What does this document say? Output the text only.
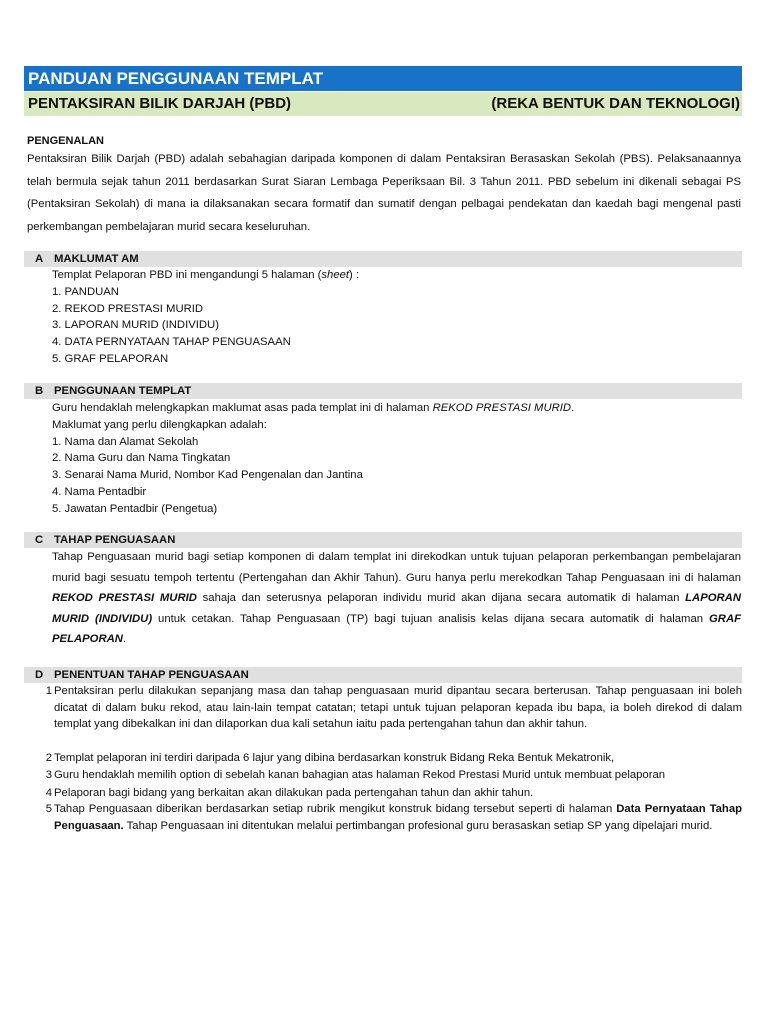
PANDUAN PENGGUNAAN TEMPLAT
PENTAKSIRAN BILIK DARJAH (PBD)	(REKA BENTUK DAN TEKNOLOGI)
PENGENALAN
Pentaksiran Bilik Darjah (PBD) adalah sebahagian daripada komponen di dalam Pentaksiran Berasaskan Sekolah (PBS). Pelaksanaannya telah bermula sejak tahun 2011 berdasarkan Surat Siaran Lembaga Peperiksaan Bil. 3 Tahun 2011. PBD sebelum ini dikenali sebagai PS (Pentaksiran Sekolah) di mana ia dilaksanakan secara formatif dan sumatif dengan pelbagai pendekatan dan kaedah bagi mengenal pasti perkembangan pembelajaran murid secara keseluruhan.
A MAKLUMAT AM
Templat Pelaporan PBD ini mengandungi 5 halaman (sheet) :
1. PANDUAN
2. REKOD PRESTASI MURID
3. LAPORAN MURID (INDIVIDU)
4. DATA PERNYATAAN TAHAP PENGUASAAN
5. GRAF PELAPORAN
B PENGGUNAAN TEMPLAT
Guru hendaklah melengkapkan maklumat asas pada templat ini di halaman REKOD PRESTASI MURID.
Maklumat yang perlu dilengkapkan adalah:
1. Nama dan Alamat Sekolah
2. Nama Guru dan Nama Tingkatan
3. Senarai Nama Murid, Nombor Kad Pengenalan dan Jantina
4. Nama Pentadbir
5. Jawatan Pentadbir (Pengetua)
C TAHAP PENGUASAAN
Tahap Penguasaan murid bagi setiap komponen di dalam templat ini direkodkan untuk tujuan pelaporan perkembangan pembelajaran murid bagi sesuatu tempoh tertentu (Pertengahan dan Akhir Tahun). Guru hanya perlu merekodkan Tahap Penguasaan ini di halaman REKOD PRESTASI MURID sahaja dan seterusnya pelaporan individu murid akan dijana secara automatik di halaman LAPORAN MURID (INDIVIDU) untuk cetakan. Tahap Penguasaan (TP) bagi tujuan analisis kelas dijana secara automatik di halaman GRAF PELAPORAN.
D PENENTUAN TAHAP PENGUASAAN
1 Pentaksiran perlu dilakukan sepanjang masa dan tahap penguasaan murid dipantau secara berterusan. Tahap penguasaan ini boleh dicatat di dalam buku rekod, atau lain-lain tempat catatan; tetapi untuk tujuan pelaporan kepada ibu bapa, ia boleh direkod di dalam templat yang dibekalkan ini dan dilaporkan dua kali setahun iaitu pada pertengahan tahun dan akhir tahun.
2 Templat pelaporan ini terdiri daripada 6 lajur yang dibina berdasarkan konstruk Bidang Reka Bentuk Mekatronik,
3 Guru hendaklah memilih option di sebelah kanan bahagian atas halaman Rekod Prestasi Murid untuk membuat pelaporan
4 Pelaporan bagi bidang yang berkaitan akan dilakukan pada pertengahan tahun dan akhir tahun.
5 Tahap Penguasaan diberikan berdasarkan setiap rubrik mengikut konstruk bidang tersebut seperti di halaman Data Pernyataan Tahap Penguasaan. Tahap Penguasaan ini ditentukan melalui pertimbangan profesional guru berasaskan setiap SP yang dipelajari murid.
